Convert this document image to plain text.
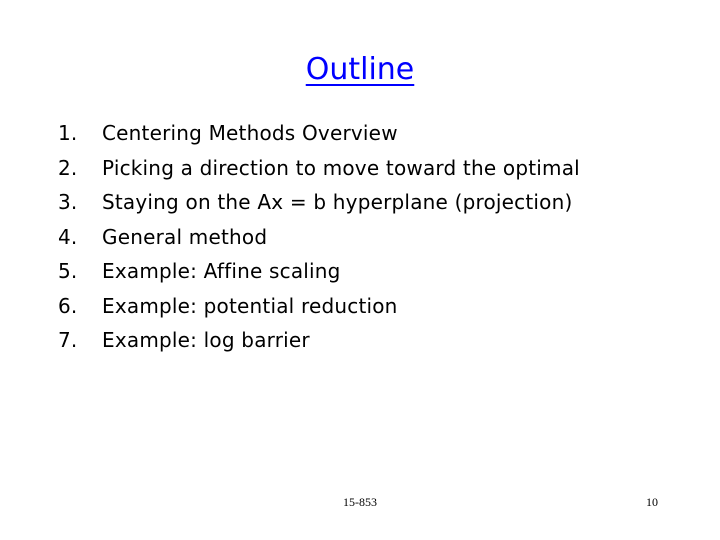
Outline
1.	Centering Methods Overview
2.	Picking a direction to move toward the optimal
3.	Staying on the Ax = b hyperplane (projection)
4.	General method
5.	Example: Affine scaling
6.	Example: potential reduction
7.	Example: log barrier
15-853	10
